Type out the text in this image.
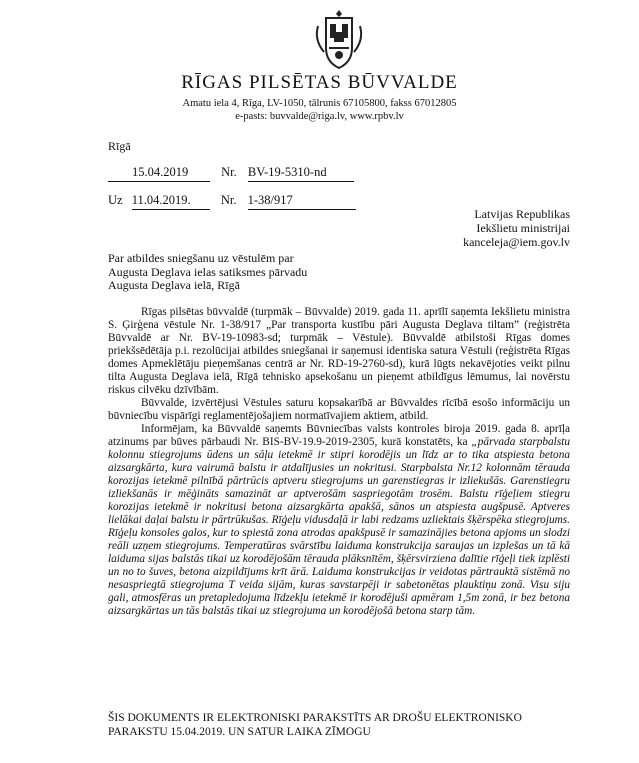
RĪGAS PILSĒTAS BŪVVALDE
Amatu iela 4, Rīga, LV-1050, tālrunis 67105800, fakss 67012805
e-pasts: buvvalde@riga.lv, www.rpbv.lv
Rīgā
15.04.2019	Nr. BV-19-5310-nd
Uz 11.04.2019. Nr. 1-38/917
Latvijas Republikas
Iekšlietu ministrijai
kanceleja@iem.gov.lv
Par atbildes sniegšanu uz vēstulēm par
Augusta Deglava ielas satiksmes pārvadu
Augusta Deglava ielā, Rīgā

Rīgas pilsētas būvvaldē (turpmāk – Būvvalde) 2019. gada 11. aprīlī saņemta Iekšlietu ministra S. Ģirģena vēstule Nr. 1-38/917 „Par transporta kustību pāri Augusta Deglava tiltam” (reģistrēta Būvvaldē ar Nr. BV-19-10983-sd; turpmāk – Vēstule). Būvvaldē atbilstoši Rīgas domes priekšsēdētāja p.i. rezolūcijai atbildes sniegšanai ir saņemusi identiska satura Vēstuli (reģistrēta Rīgas domes Apmeklētāju pieņemšanas centrā ar Nr. RD-19-2760-sd), kurā lūgts nekavējoties veikt pilnu tilta Augusta Deglava ielā, Rīgā tehnisko apsekošanu un pieņemt atbildīgus lēmumus, lai novērstu riskus cilvēku dzīvībām.

Būvvalde, izvērtējusi Vēstules saturu kopsakarībā ar Būvvaldes rīcībā esošo informāciju un būvniecību vispārīgi reglamentējošajiem normatīvajiem aktiem, atbild.

Informējam, ka Būvvaldē saņemts Būvniecības valsts kontroles biroja 2019. gada 8. aprīļa atzinums par būves pārbaudi Nr. BIS-BV-19.9-2019-2305, kurā konstatēts, ka „pārvada starpbalstu kolonnu stiegrojums ūdens un sāļu ietekmē ir stipri korodējis un līdz ar to tika atspiesta betona aizsargkārta, kura vairumā balstu ir atdalījusies un nokritusi. Starpbalsta Nr.12 kolonnām tērauda korozijas ietekmē pilnībā pārtrūcis aptveru stiegrojums un garenstiegras ir izliekušās. Garenstiegru izliekšanās ir mēģināts samazināt ar aptverošām saspriegotām trosēm. Balstu rīģeļiem stiegru korozijas ietekmē ir nokritusi betona aizsargkārta apakšā, sānos un atspiesta augšpusē. Aptveres lielākai daļai balstu ir pārtrūkušas. Rīģeļu vidusdaļā ir labi redzams uzliektais šķērspēka stiegrojums. Rīģeļu konsoles galos, kur to spiestā zona atrodas apakšpusē ir samazinājies betona apjoms un slodzi reāli uzņem stiegrojums. Temperatūras svārstību laiduma konstrukcija saraujas un izplešas un tā kā laiduma sijas balstās tikai uz korodējošām tērauda plāksnītēm, šķērsvirziena dalītie rīģeļi tiek izplēsti un no to šuves, betona aizpildījums krīt ārā. Laiduma konstrukcijas ir veidotas pārtrauktā sistēmā no nesaspriegtā stiegrojuma T veida sijām, kuras savstarpēji ir sabetonētas plauktiņu zonā. Visu siju gali, atmosfēras un pretapledojuma līdzekļu ietekmē ir korodējuši apmēram 1,5m zonā, ir bez betona aizsargkārtas un tās balstās tikai uz stiegrojuma un korodējošā betona starp tām.

ŠIS DOKUMENTS IR ELEKTRONISKI PARAKSTĪTS AR DROŠU ELEKTRONISKO
PARAKSTU 15.04.2019. UN SATUR LAIKA ZĪMOGU
